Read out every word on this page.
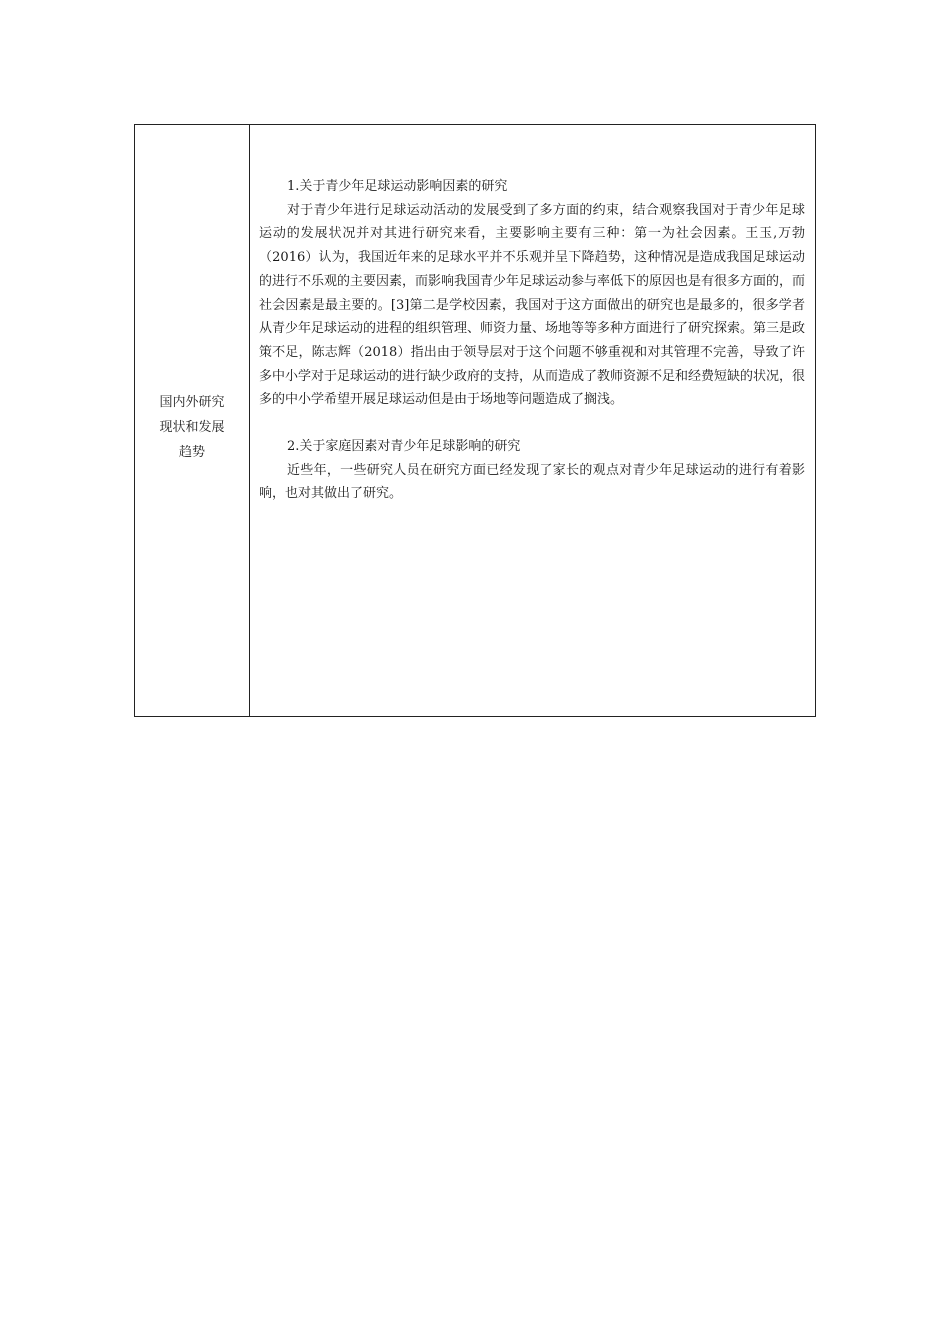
国内外研究现状和发展趋势

1.关于青少年足球运动影响因素的研究

对于青少年进行足球运动活动的发展受到了多方面的约束，结合观察我国对于青少年足球运动的发展状况并对其进行研究来看，主要影响主要有三种：第一为社会因素。王玉,万勃（2016）认为，我国近年来的足球水平并不乐观并呈下降趋势，这种情况是造成我国足球运动的进行不乐观的主要因素，而影响我国青少年足球运动参与率低下的原因也是有很多方面的，而社会因素是最主要的。[3]第二是学校因素，我国对于这方面做出的研究也是最多的，很多学者从青少年足球运动的进程的组织管理、师资力量、场地等等多种方面进行了研究探索。第三是政策不足，陈志辉（2018）指出由于领导层对于这个问题不够重视和对其管理不完善，导致了许多中小学对于足球运动的进行缺少政府的支持，从而造成了教师资源不足和经费短缺的状况，很多的中小学希望开展足球运动但是由于场地等问题造成了搁浅。

2.关于家庭因素对青少年足球影响的研究

近些年，一些研究人员在研究方面已经发现了家长的观点对青少年足球运动的进行有着影响，也对其做出了研究。
